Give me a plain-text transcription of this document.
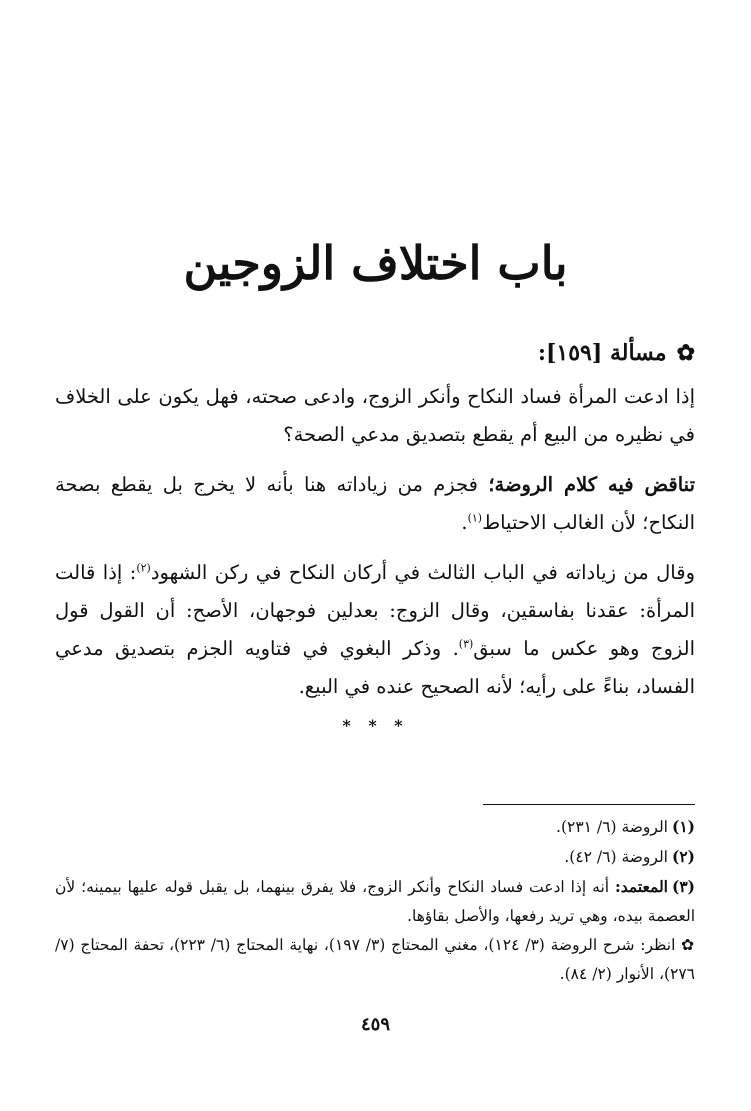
باب اختلاف الزوجين
✿
مسألة [١٥٩]:
إذا ادعت المرأة فساد النكاح وأنكر الزوج، وادعى صحته، فهل يكون على الخلاف في نظيره من البيع أم يقطع بتصديق مدعي الصحة؟
تناقض فيه كلام الروضة؛ فجزم من زياداته هنا بأنه لا يخرج بل يقطع بصحة النكاح؛ لأن الغالب الاحتياط$^{(١)}$.
وقال من زياداته في الباب الثالث في أركان النكاح في ركن الشهود$^{(٢)}$: إذا قالت المرأة: عقدنا بفاسقين، وقال الزوج: بعدلين فوجهان، الأصح: أن القول قول الزوج وهو عكس ما سبق$^{(٣)}$. وذكر البغوي في فتاويه الجزم بتصديق مدعي الفساد، بناءً على رأيه؛ لأنه الصحيح عنده في البيع.
* * *
(١)الروضة (٦/ ٢٣١).
(٢)الروضة (٦/ ٤٢).
(٣)المعتمد: أنه إذا ادعت فساد النكاح وأنكر الزوج، فلا يفرق بينهما، بل يقبل قوله عليها بيمينه؛ لأن العصمة بيده، وهي تريد رفعها، والأصل بقاؤها.
✿ انظر: شرح الروضة (٣/ ١٢٤)، مغني المحتاج (٣/ ١٩٧)، نهاية المحتاج (٦/ ٢٢٣)، تحفة المحتاج (٧/ ٢٧٦)، الأنوار (٢/ ٨٤).
٤٥٩
